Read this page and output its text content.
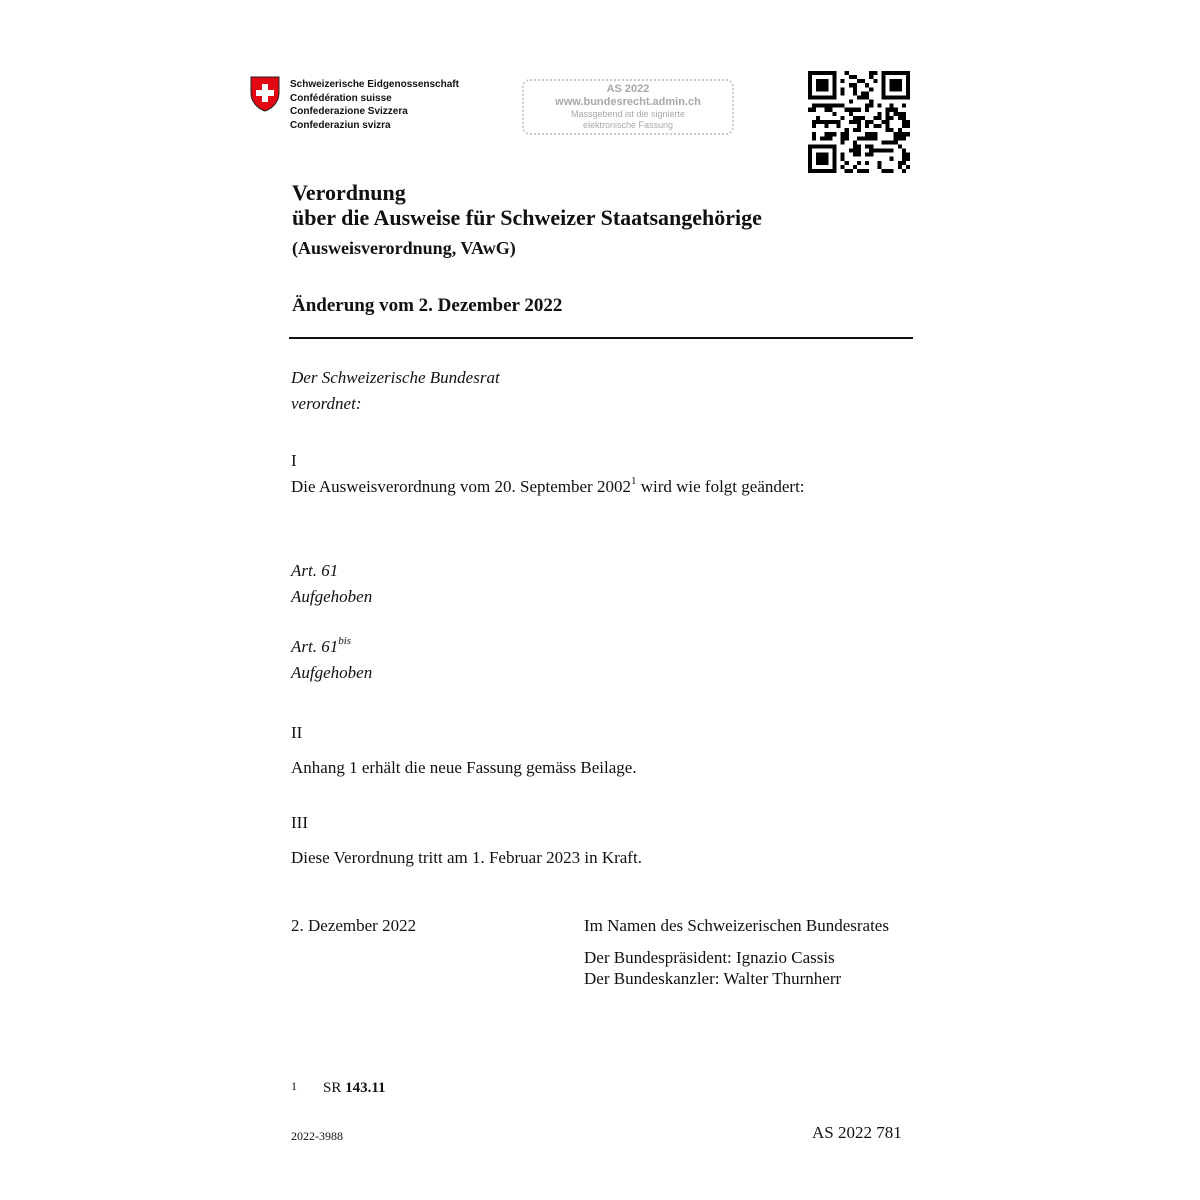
Schweizerische Eidgenossenschaft
Confédération suisse
Confederazione Svizzera
Confederaziun svizra
AS 2022
www.bundesrecht.admin.ch
Massgebend ist die signierte
elektronische Fassung
Verordnung
über die Ausweise für Schweizer Staatsangehörige
(Ausweisverordnung, VAwG)
Änderung vom 2. Dezember 2022
Der Schweizerische Bundesrat
verordnet:
I
Die Ausweisverordnung vom 20. September 2002$^1$ wird wie folgt geändert:
Art. 61
Aufgehoben
Art. $61^{bis}$
Aufgehoben
II
Anhang 1 erhält die neue Fassung gemäss Beilage.
III
Diese Verordnung tritt am 1. Februar 2023 in Kraft.
2. Dezember 2022	Im Namen des Schweizerischen Bundesrates
Der Bundespräsident: Ignazio Cassis
Der Bundeskanzler: Walter Thurnherr
$^1$ SR 143.11
2022-3988	AS 2022 781
